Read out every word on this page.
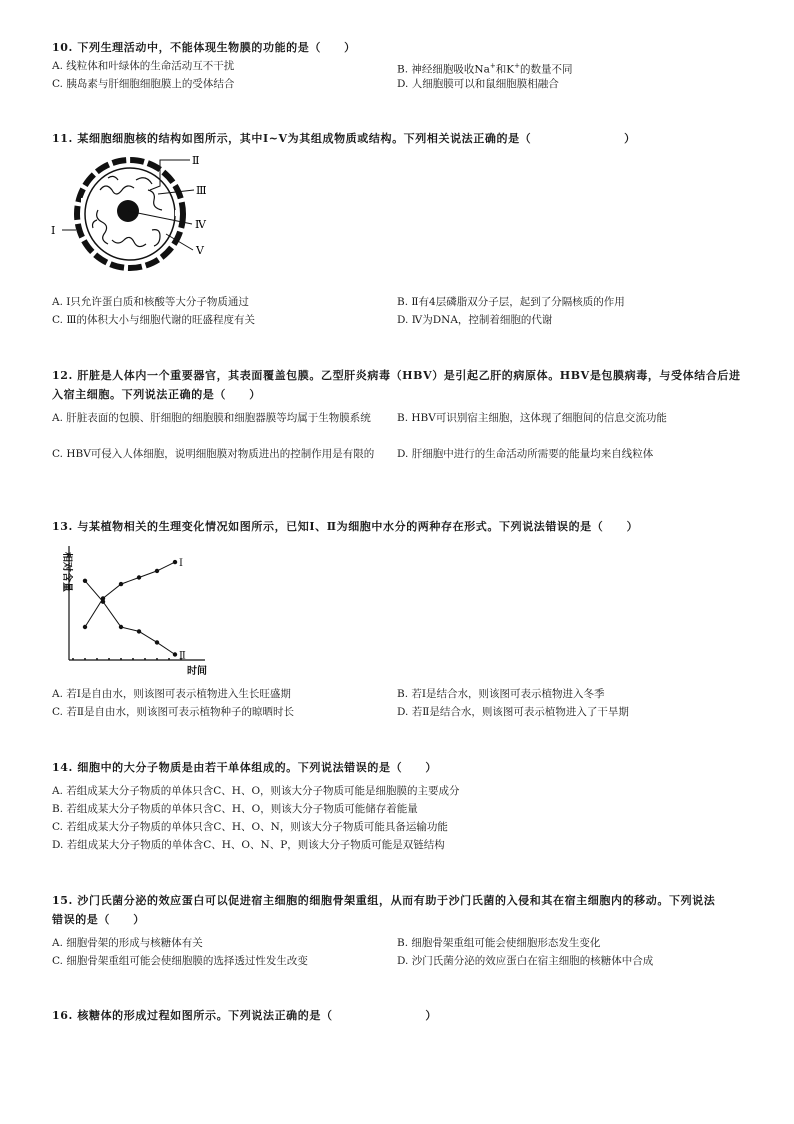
10. 下列生理活动中，不能体现生物膜的功能的是（　　）
A. 线粒体和叶绿体的生命活动互不干扰	B. 神经细胞吸收Na+和K+的数量不同
C. 胰岛素与肝细胞细胞膜上的受体结合	D. 人细胞膜可以和鼠细胞膜相融合
11. 某细胞细胞核的结构如图所示，其中Ⅰ~Ⅴ为其组成物质或结构。下列相关说法正确的是（　　　　　　　　）
Ⅱ
Ⅲ
Ⅳ
Ⅴ
Ⅰ
A. Ⅰ只允许蛋白质和核酸等大分子物质通过	B. Ⅱ有4层磷脂双分子层，起到了分隔核质的作用
C. Ⅲ的体积大小与细胞代谢的旺盛程度有关	D. Ⅳ为DNA，控制着细胞的代谢
12. 肝脏是人体内一个重要器官，其表面覆盖包膜。乙型肝炎病毒（HBV）是引起乙肝的病原体。HBV是包膜病毒，与受体结合后进
入宿主细胞。下列说法正确的是（　　）
A. 肝脏表面的包膜、肝细胞的细胞膜和细胞器膜等均属于生物膜系统	B. HBV可识别宿主细胞，这体现了细胞间的信息交流功能
C. HBV可侵入人体细胞，说明细胞膜对物质进出的控制作用是有限的	D. 肝细胞中进行的生命活动所需要的能量均来自线粒体
13. 与某植物相关的生理变化情况如图所示，已知Ⅰ、Ⅱ为细胞中水分的两种存在形式。下列说法错误的是（　　）
相对含量
时间
Ⅰ
Ⅱ
A. 若Ⅰ是自由水，则该图可表示植物进入生长旺盛期	B. 若Ⅰ是结合水，则该图可表示植物进入冬季
C. 若Ⅱ是自由水，则该图可表示植物种子的晾晒时长	D. 若Ⅱ是结合水，则该图可表示植物进入了干旱期
14. 细胞中的大分子物质是由若干单体组成的。下列说法错误的是（　　）
A. 若组成某大分子物质的单体只含C、H、O，则该大分子物质可能是细胞膜的主要成分
B. 若组成某大分子物质的单体只含C、H、O，则该大分子物质可能储存着能量
C. 若组成某大分子物质的单体只含C、H、O、N，则该大分子物质可能具备运输功能
D. 若组成某大分子物质的单体含C、H、O、N、P，则该大分子物质可能是双链结构
15. 沙门氏菌分泌的效应蛋白可以促进宿主细胞的细胞骨架重组，从而有助于沙门氏菌的入侵和其在宿主细胞内的移动。下列说法
错误的是（　　）
A. 细胞骨架的形成与核糖体有关	B. 细胞骨架重组可能会使细胞形态发生变化
C. 细胞骨架重组可能会使细胞膜的选择透过性发生改变	D. 沙门氏菌分泌的效应蛋白在宿主细胞的核糖体中合成
16. 核糖体的形成过程如图所示。下列说法正确的是（　　　　　　　　）
